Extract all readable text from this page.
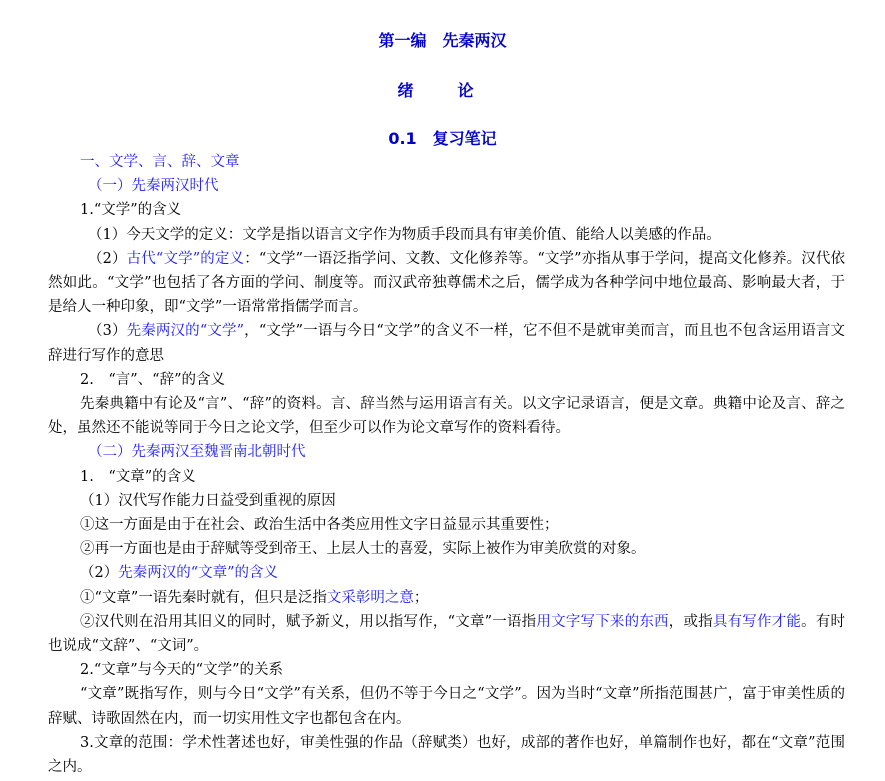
第一编　先秦两汉
绪　论
0.1　复习笔记

一、文学、言、辞、文章

（一）先秦两汉时代

1.“文学”的含义

（1）今天文学的定义：文学是指以语言文字作为物质手段而具有审美价值、能给人以美感的作品。

（2）古代“文学”的定义：“文学”一语泛指学问、文教、文化修养等。“文学”亦指从事于学问，提高文化修养。汉代依然如此。“文学”也包括了各方面的学问、制度等。而汉武帝独尊儒术之后，儒学成为各种学问中地位最高、影响最大者，于是给人一种印象，即“文学”一语常常指儒学而言。

（3）先秦两汉的“文学”，“文学”一语与今日“文学”的含义不一样，它不但不是就审美而言，而且也不包含运用语言文辞进行写作的意思

2.　“言”、“辞”的含义

先秦典籍中有论及“言”、“辞”的资料。言、辞当然与运用语言有关。以文字记录语言，便是文章。典籍中论及言、辞之处，虽然还不能说等同于今日之论文学，但至少可以作为论文章写作的资料看待。

（二）先秦两汉至魏晋南北朝时代

1.　“文章”的含义

（1）汉代写作能力日益受到重视的原因

①这一方面是由于在社会、政治生活中各类应用性文字日益显示其重要性；

②再一方面也是由于辞赋等受到帝王、上层人士的喜爱，实际上被作为审美欣赏的对象。

（2）先秦两汉的“文章”的含义

①“文章”一语先秦时就有，但只是泛指文采彰明之意；

②汉代则在沿用其旧义的同时，赋予新义，用以指写作，“文章”一语指用文字写下来的东西，或指具有写作才能。有时也说成“文辞”、“文词”。

2.“文章”与今天的“文学”的关系

“文章”既指写作，则与今日“文学”有关系，但仍不等于今日之“文学”。因为当时“文章”所指范围甚广，富于审美性质的辞赋、诗歌固然在内，而一切实用性文字也都包含在内。

3.文章的范围：学术性著述也好，审美性强的作品（辞赋类）也好，成部的著作也好，单篇制作也好，都在“文章”范围之内。
